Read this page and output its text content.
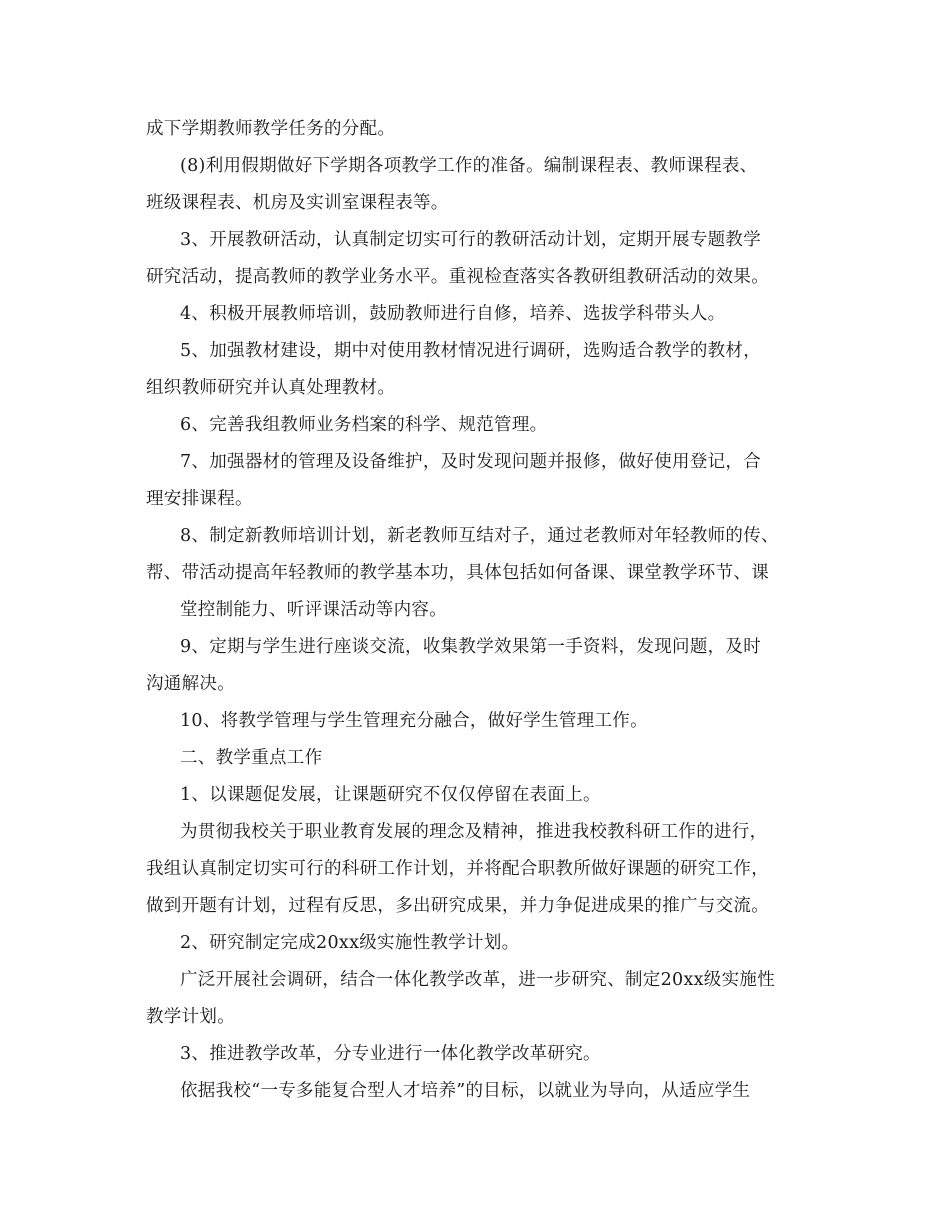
成下学期教师教学任务的分配。
(8)利用假期做好下学期各项教学工作的准备。编制课程表、教师课程表、
班级课程表、机房及实训室课程表等。
3、开展教研活动，认真制定切实可行的教研活动计划，定期开展专题教学
研究活动，提高教师的教学业务水平。重视检查落实各教研组教研活动的效果。
4、积极开展教师培训，鼓励教师进行自修，培养、选拔学科带头人。
5、加强教材建设，期中对使用教材情况进行调研，选购适合教学的教材，
组织教师研究并认真处理教材。
6、完善我组教师业务档案的科学、规范管理。
7、加强器材的管理及设备维护，及时发现问题并报修，做好使用登记，合
理安排课程。
8、制定新教师培训计划，新老教师互结对子，通过老教师对年轻教师的传、
帮、带活动提高年轻教师的教学基本功，具体包括如何备课、课堂教学环节、课
堂控制能力、听评课活动等内容。
9、定期与学生进行座谈交流，收集教学效果第一手资料，发现问题，及时
沟通解决。
10、将教学管理与学生管理充分融合，做好学生管理工作。
二、教学重点工作
1、以课题促发展，让课题研究不仅仅停留在表面上。
为贯彻我校关于职业教育发展的理念及精神，推进我校教科研工作的进行，
我组认真制定切实可行的科研工作计划，并将配合职教所做好课题的研究工作，
做到开题有计划，过程有反思，多出研究成果，并力争促进成果的推广与交流。
2、研究制定完成20xx级实施性教学计划。
广泛开展社会调研，结合一体化教学改革，进一步研究、制定20xx级实施性
教学计划。
3、推进教学改革，分专业进行一体化教学改革研究。
依据我校“一专多能复合型人才培养”的目标，以就业为导向，从适应学生
